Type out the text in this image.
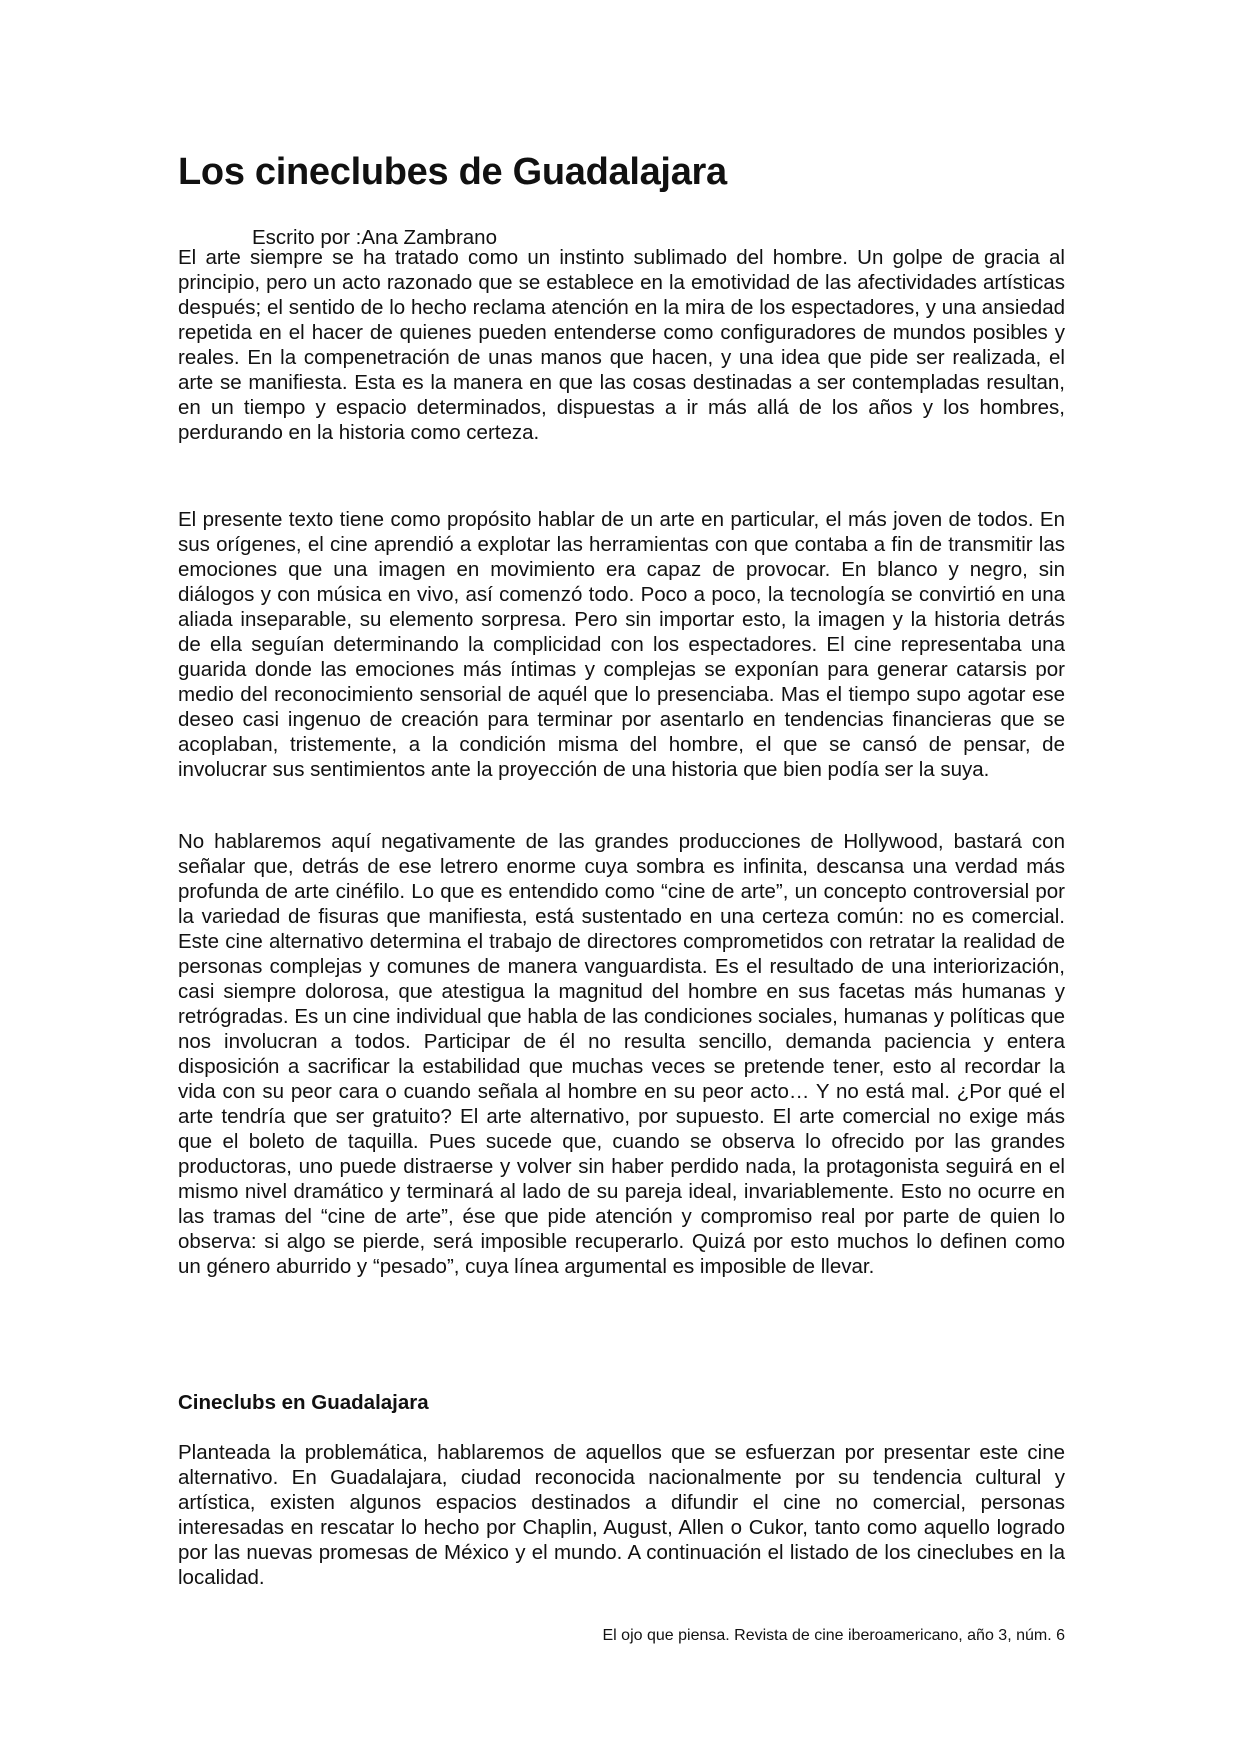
Los cineclubes de Guadalajara
Escrito por :Ana Zambrano

El arte siempre se ha tratado como un instinto sublimado del hombre. Un golpe de gracia al principio, pero un acto razonado que se establece en la emotividad de las afectividades artísticas después; el sentido de lo hecho reclama atención en la mira de los espectadores, y una ansiedad repetida en el hacer de quienes pueden entenderse como configuradores de mundos posibles y reales. En la compenetración de unas manos que hacen, y una idea que pide ser realizada, el arte se manifiesta. Esta es la manera en que las cosas destinadas a ser contempladas resultan, en un tiempo y espacio determinados, dispuestas a ir más allá de los años y los hombres, perdurando en la historia como certeza.

El presente texto tiene como propósito hablar de un arte en particular, el más joven de todos. En sus orígenes, el cine aprendió a explotar las herramientas con que contaba a fin de transmitir las emociones que una imagen en movimiento era capaz de provocar. En blanco y negro, sin diálogos y con música en vivo, así comenzó todo. Poco a poco, la tecnología se convirtió en una aliada inseparable, su elemento sorpresa. Pero sin importar esto, la imagen y la historia detrás de ella seguían determinando la complicidad con los espectadores. El cine representaba una guarida donde las emociones más íntimas y complejas se exponían para generar catarsis por medio del reconocimiento sensorial de aquél que lo presenciaba. Mas el tiempo supo agotar ese deseo casi ingenuo de creación para terminar por asentarlo en tendencias financieras que se acoplaban, tristemente, a la condición misma del hombre, el que se cansó de pensar, de involucrar sus sentimientos ante la proyección de una historia que bien podía ser la suya.

No hablaremos aquí negativamente de las grandes producciones de Hollywood, bastará con señalar que, detrás de ese letrero enorme cuya sombra es infinita, descansa una verdad más profunda de arte cinéfilo. Lo que es entendido como “cine de arte”, un concepto controversial por la variedad de fisuras que manifiesta, está sustentado en una certeza común: no es comercial. Este cine alternativo determina el trabajo de directores comprometidos con retratar la realidad de personas complejas y comunes de manera vanguardista. Es el resultado de una interiorización, casi siempre dolorosa, que atestigua la magnitud del hombre en sus facetas más humanas y retrógradas. Es un cine individual que habla de las condiciones sociales, humanas y políticas que nos involucran a todos. Participar de él no resulta sencillo, demanda paciencia y entera disposición a sacrificar la estabilidad que muchas veces se pretende tener, esto al recordar la vida con su peor cara o cuando señala al hombre en su peor acto… Y no está mal. ¿Por qué el arte tendría que ser gratuito? El arte alternativo, por supuesto. El arte comercial no exige más que el boleto de taquilla. Pues sucede que, cuando se observa lo ofrecido por las grandes productoras, uno puede distraerse y volver sin haber perdido nada, la protagonista seguirá en el mismo nivel dramático y terminará al lado de su pareja ideal, invariablemente. Esto no ocurre en las tramas del “cine de arte”, ése que pide atención y compromiso real por parte de quien lo observa: si algo se pierde, será imposible recuperarlo. Quizá por esto muchos lo definen como un género aburrido y “pesado”, cuya línea argumental es imposible de llevar.

Cineclubs en Guadalajara

Planteada la problemática, hablaremos de aquellos que se esfuerzan por presentar este cine alternativo. En Guadalajara, ciudad reconocida nacionalmente por su tendencia cultural y artística, existen algunos espacios destinados a difundir el cine no comercial, personas interesadas en rescatar lo hecho por Chaplin, August, Allen o Cukor, tanto como aquello logrado por las nuevas promesas de México y el mundo. A continuación el listado de los cineclubes en la localidad.

El ojo que piensa. Revista de cine iberoamericano, año 3, núm. 6
